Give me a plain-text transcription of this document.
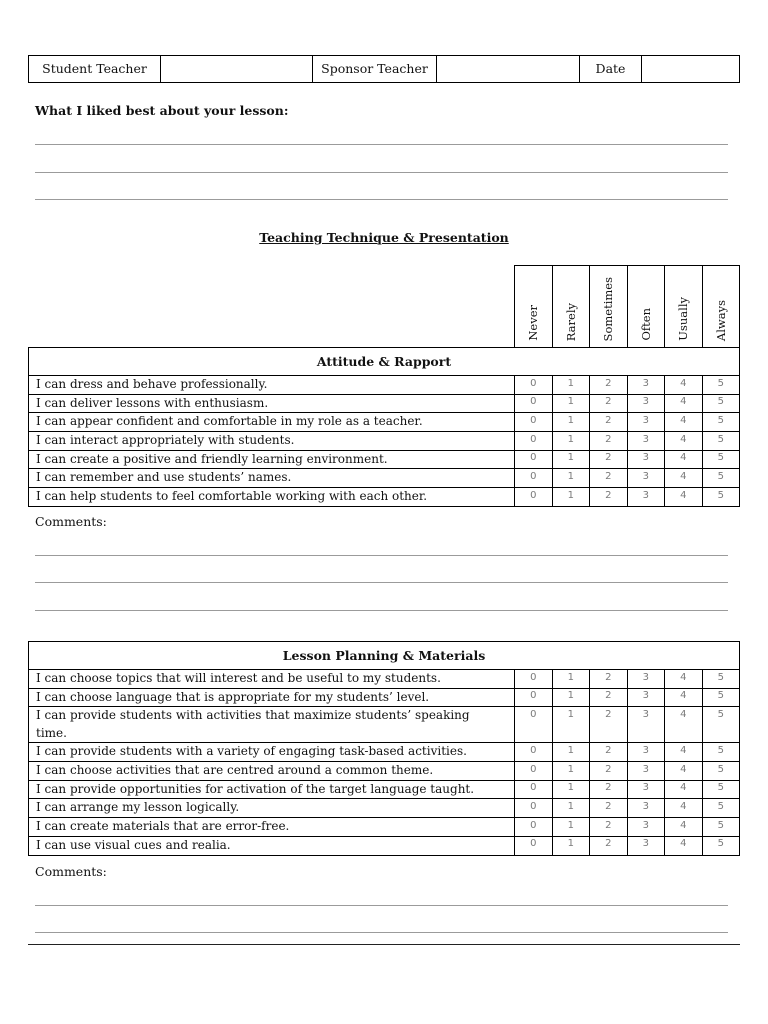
Student Teacher	Sponsor Teacher	Date
What I liked best about your lesson:
Teaching Technique & Presentation
Never Rarely Sometimes Often Usually Always
Attitude & Rapport
I can dress and behave professionally.	0	1	2	3	4	5
I can deliver lessons with enthusiasm.	0	1	2	3	4	5
I can appear confident and comfortable in my role as a teacher.	0	1	2	3	4	5
I can interact appropriately with students.	0	1	2	3	4	5
I can create a positive and friendly learning environment.	0	1	2	3	4	5
I can remember and use students’ names.	0	1	2	3	4	5
I can help students to feel comfortable working with each other.	0	1	2	3	4	5
Comments:
Lesson Planning & Materials
I can choose topics that will interest and be useful to my students.	0	1	2	3	4	5
I can choose language that is appropriate for my students’ level.	0	1	2	3	4	5
I can provide students with activities that maximize students’ speaking time.
0	1	2	3	4	5
I can provide students with a variety of engaging task-based activities.	0	1	2	3	4	5
I can choose activities that are centred around a common theme.	0	1	2	3	4	5
I can provide opportunities for activation of the target language taught.	0	1	2	3	4	5
I can arrange my lesson logically.	0	1	2	3	4	5
I can create materials that are error-free.	0	1	2	3	4	5
I can use visual cues and realia.	0	1	2	3	4	5
Comments:
